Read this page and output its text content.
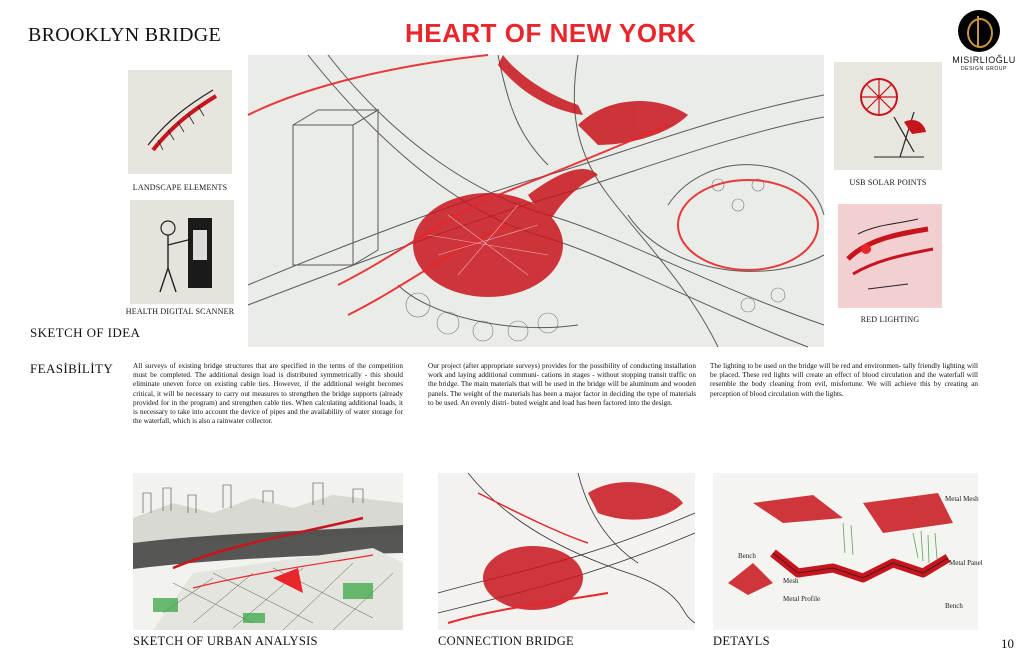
BROOKLYN BRIDGE	HEART OF NEW YORK
MISIRLIOĞLU
DESIGN GROUP
LANDSCAPE ELEMENTS
HEALTH DIGITAL SCANNER
USB SOLAR POINTS
RED LIGHTING
SKETCH OF IDEA
FEASİBİLİTY	All surveys of existing bridge structures that are specified in the terms of the competition must be completed. The additional design load is distributed symmetrically - this should eliminate uneven force on existing cable ties. However, if the additional weight becomes critical, it will be necessary to carry out measures to strengthen the bridge supports (already provided for in the program) and strengthen cable ties. When calculating additional loads, it is necessary to take into account the device of pipes and the availability of water storage for the waterfall, which is also a rainwater collector.
Our project (after appropriate surveys) provides for the possibility of conducting installation work and laying additional communi- cations in stages - without stopping transit traffic on the bridge. The main materials that will be used in the bridge will be aluminum and wooden panels. The weight of the materials has been a major factor in deciding the type of materials to be used. An evenly distri- buted weight and load has been factored into the design.
The lighting to be used on the bridge will be red and environmen- tally friendly lighting will be placed. These red lights will create an effect of blood circulation and the waterfall will resemble the body cleaning from evil, misfortune. We will achieve this by creating an perception of blood circulation with the lights.
Bench
Metal Mesh
Metal Panel
Mesh
Metal Profile
Bench
SKETCH OF URBAN ANALYSIS	CONNECTION BRIDGE	DETAYLS	10
